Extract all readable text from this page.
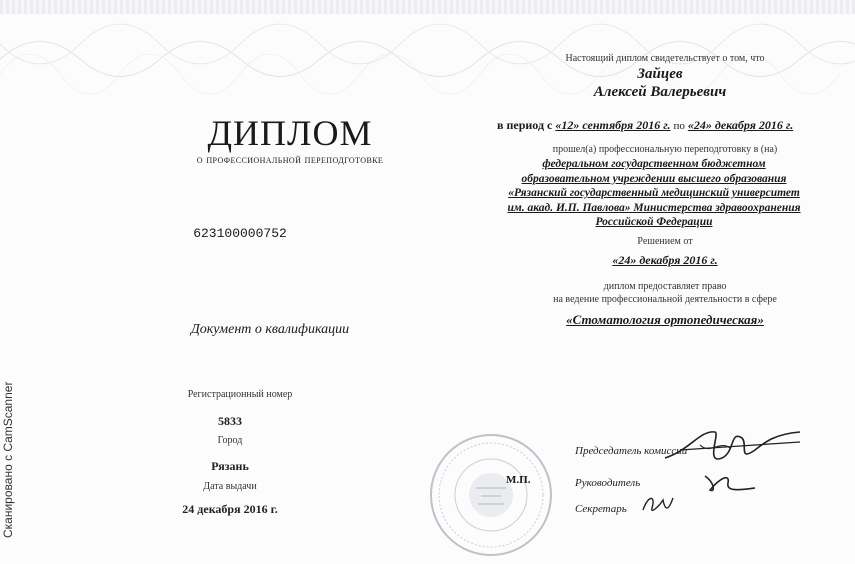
Сканировано с CamScanner
ДИПЛОМ
о профессиональной переподготовке
623100000752
Документ о квалификации
Регистрационный номер
5833
Город
Рязань
Дата выдачи
24 декабря 2016 г.
Настоящий диплом свидетельствует о том, что
Зайцев
Алексей Валерьевич
в период с «12» сентября 2016 г. по «24» декабря 2016 г.
прошел(а) профессиональную переподготовку в (на)
федеральном государственном бюджетном
образовательном учреждении высшего образования
«Рязанский государственный медицинский университет
им. акад. И.П. Павлова» Министерства здравоохранения
Российской Федерации
Решением от
«24» декабря 2016 г.
диплом предоставляет право
на ведение профессиональной деятельности в сфере
«Стоматология ортопедическая»
М.П.
Председатель комиссии
Руководитель
Секретарь
